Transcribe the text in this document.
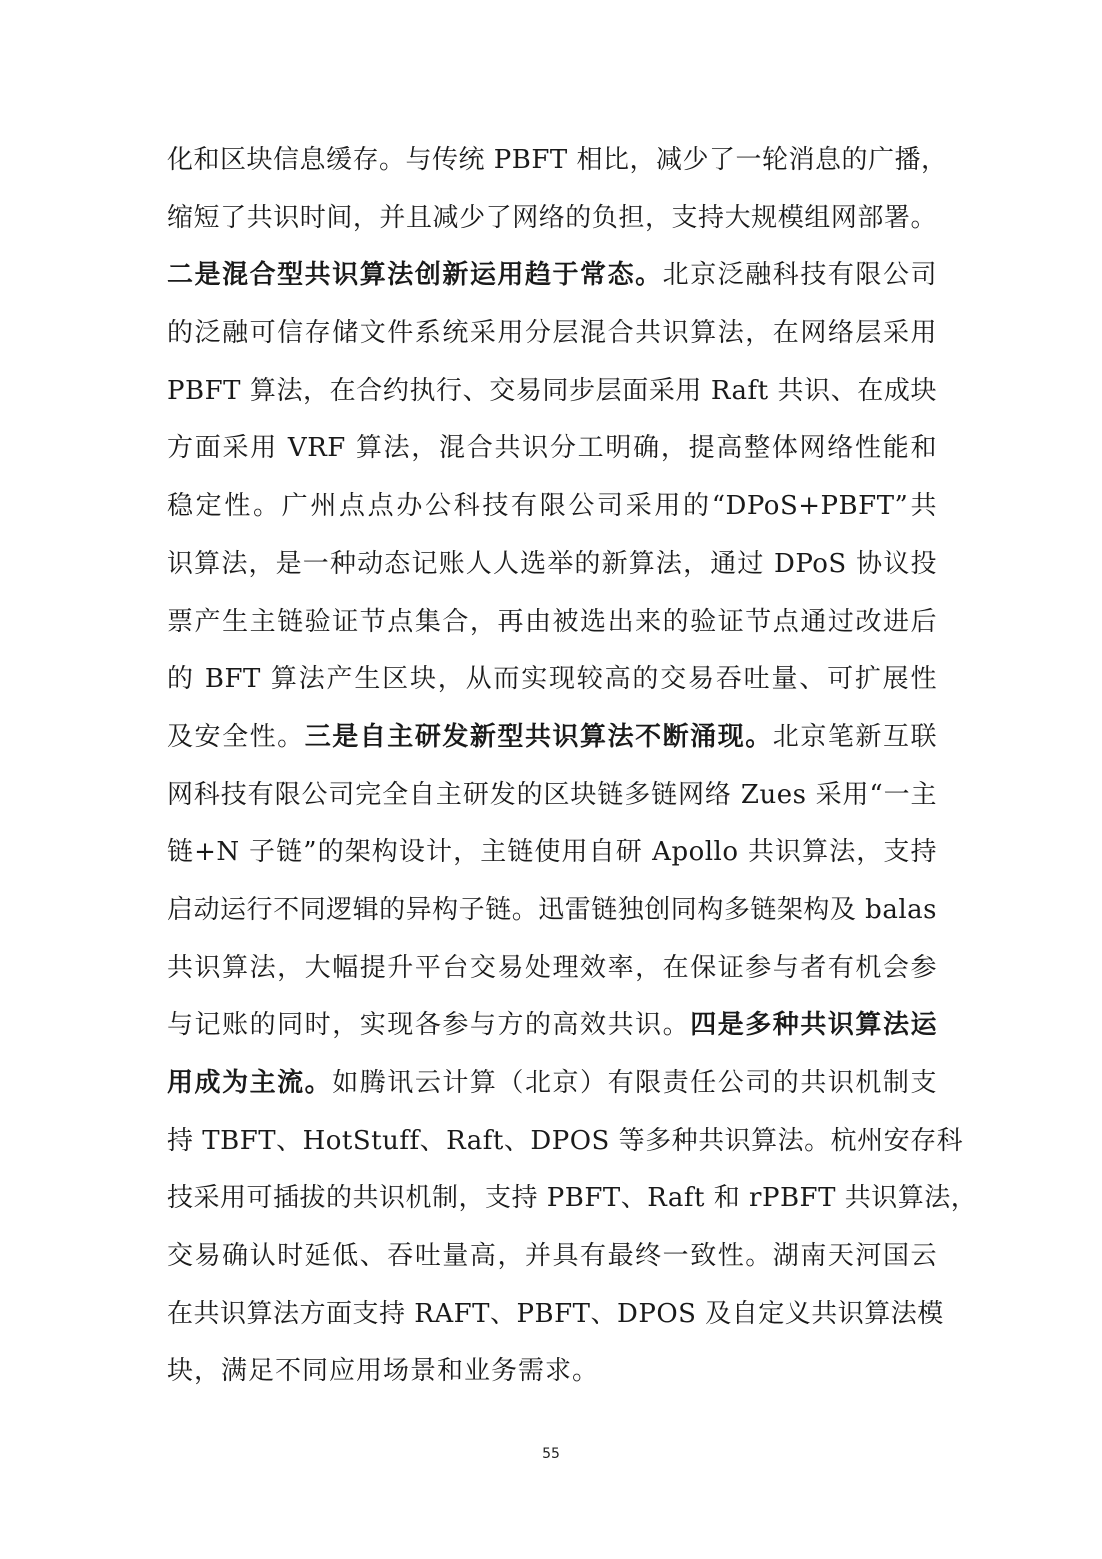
化和区块信息缓存。与传统 PBFT 相比，减少了一轮消息的广播，
缩短了共识时间，并且减少了网络的负担，支持大规模组网部署。
二是混合型共识算法创新运用趋于常态。北京泛融科技有限公司
的泛融可信存储文件系统采用分层混合共识算法，在网络层采用
PBFT 算法，在合约执行、交易同步层面采用 Raft 共识、在成块
方面采用 VRF 算法，混合共识分工明确，提高整体网络性能和
稳定性。广州点点办公科技有限公司采用的“DPoS+PBFT”共
识算法，是一种动态记账人人选举的新算法，通过 DPoS 协议投
票产生主链验证节点集合，再由被选出来的验证节点通过改进后
的 BFT 算法产生区块，从而实现较高的交易吞吐量、可扩展性
及安全性。三是自主研发新型共识算法不断涌现。北京笔新互联
网科技有限公司完全自主研发的区块链多链网络 Zues 采用“一主
链+N 子链”的架构设计，主链使用自研 Apollo 共识算法，支持
启动运行不同逻辑的异构子链。迅雷链独创同构多链架构及 balas
共识算法，大幅提升平台交易处理效率，在保证参与者有机会参
与记账的同时，实现各参与方的高效共识。四是多种共识算法运
用成为主流。如腾讯云计算（北京）有限责任公司的共识机制支
持 TBFT、HotStuff、Raft、DPOS 等多种共识算法。杭州安存科
技采用可插拔的共识机制，支持 PBFT、Raft 和 rPBFT 共识算法，
交易确认时延低、吞吐量高，并具有最终一致性。湖南天河国云
在共识算法方面支持 RAFT、PBFT、DPOS 及自定义共识算法模
块，满足不同应用场景和业务需求。
55
